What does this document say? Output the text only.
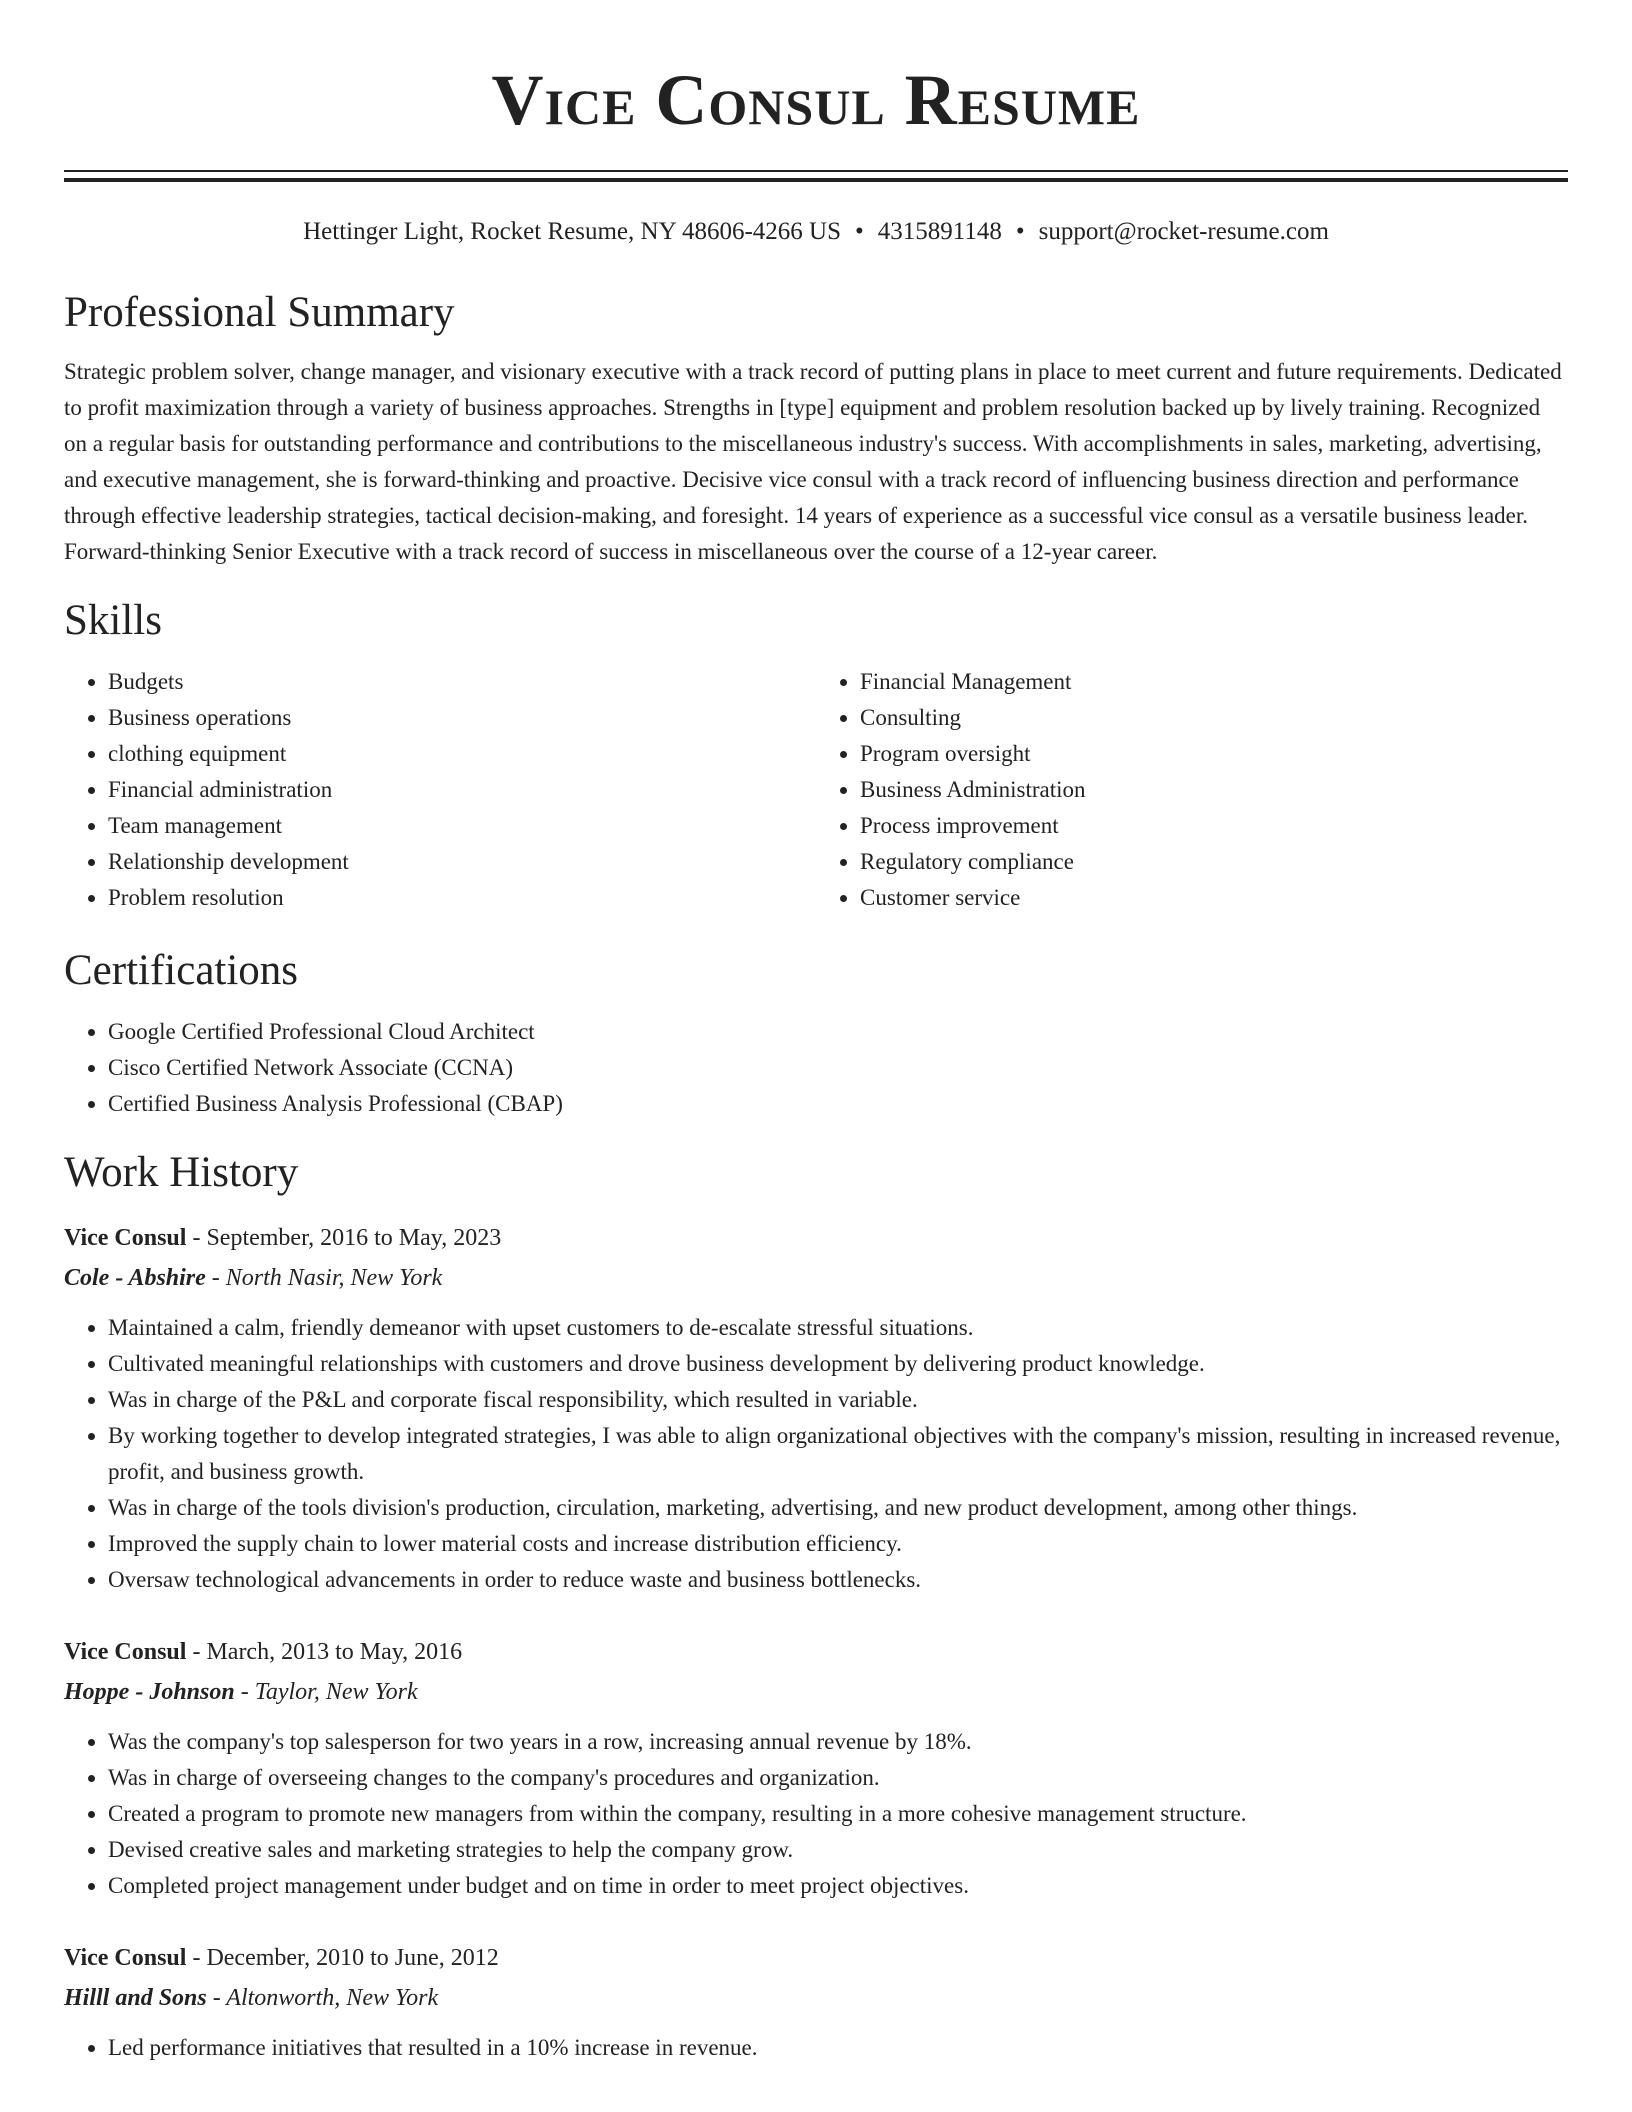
Vice Consul Resume
Hettinger Light, Rocket Resume, NY 48606-4266 US • 4315891148 • support@rocket-resume.com
Professional Summary

Strategic problem solver, change manager, and visionary executive with a track record of putting plans in place to meet current and future requirements. Dedicated to profit maximization through a variety of business approaches. Strengths in [type] equipment and problem resolution backed up by lively training. Recognized on a regular basis for outstanding performance and contributions to the miscellaneous industry's success. With accomplishments in sales, marketing, advertising, and executive management, she is forward-thinking and proactive. Decisive vice consul with a track record of influencing business direction and performance through effective leadership strategies, tactical decision-making, and foresight. 14 years of experience as a successful vice consul as a versatile business leader. Forward-thinking Senior Executive with a track record of success in miscellaneous over the course of a 12-year career.

Skills
• Budgets
• Business operations
• clothing equipment
• Financial administration
• Team management
• Relationship development
• Problem resolution
• Financial Management
• Consulting
• Program oversight
• Business Administration
• Process improvement
• Regulatory compliance
• Customer service
Certifications
• Google Certified Professional Cloud Architect
• Cisco Certified Network Associate (CCNA)
• Certified Business Analysis Professional (CBAP)
Work History
Vice Consul - September, 2016 to May, 2023
Cole - Abshire - North Nasir, New York
• Maintained a calm, friendly demeanor with upset customers to de-escalate stressful situations.
• Cultivated meaningful relationships with customers and drove business development by delivering product knowledge.
• Was in charge of the P&L and corporate fiscal responsibility, which resulted in variable.
• By working together to develop integrated strategies, I was able to align organizational objectives with the company's mission, resulting in increased revenue, profit, and business growth.
• Was in charge of the tools division's production, circulation, marketing, advertising, and new product development, among other things.
• Improved the supply chain to lower material costs and increase distribution efficiency.
• Oversaw technological advancements in order to reduce waste and business bottlenecks.
Vice Consul - March, 2013 to May, 2016
Hoppe - Johnson - Taylor, New York
• Was the company's top salesperson for two years in a row, increasing annual revenue by 18%.
• Was in charge of overseeing changes to the company's procedures and organization.
• Created a program to promote new managers from within the company, resulting in a more cohesive management structure.
• Devised creative sales and marketing strategies to help the company grow.
• Completed project management under budget and on time in order to meet project objectives.
Vice Consul - December, 2010 to June, 2012
Hilll and Sons - Altonworth, New York
• Led performance initiatives that resulted in a 10% increase in revenue.
